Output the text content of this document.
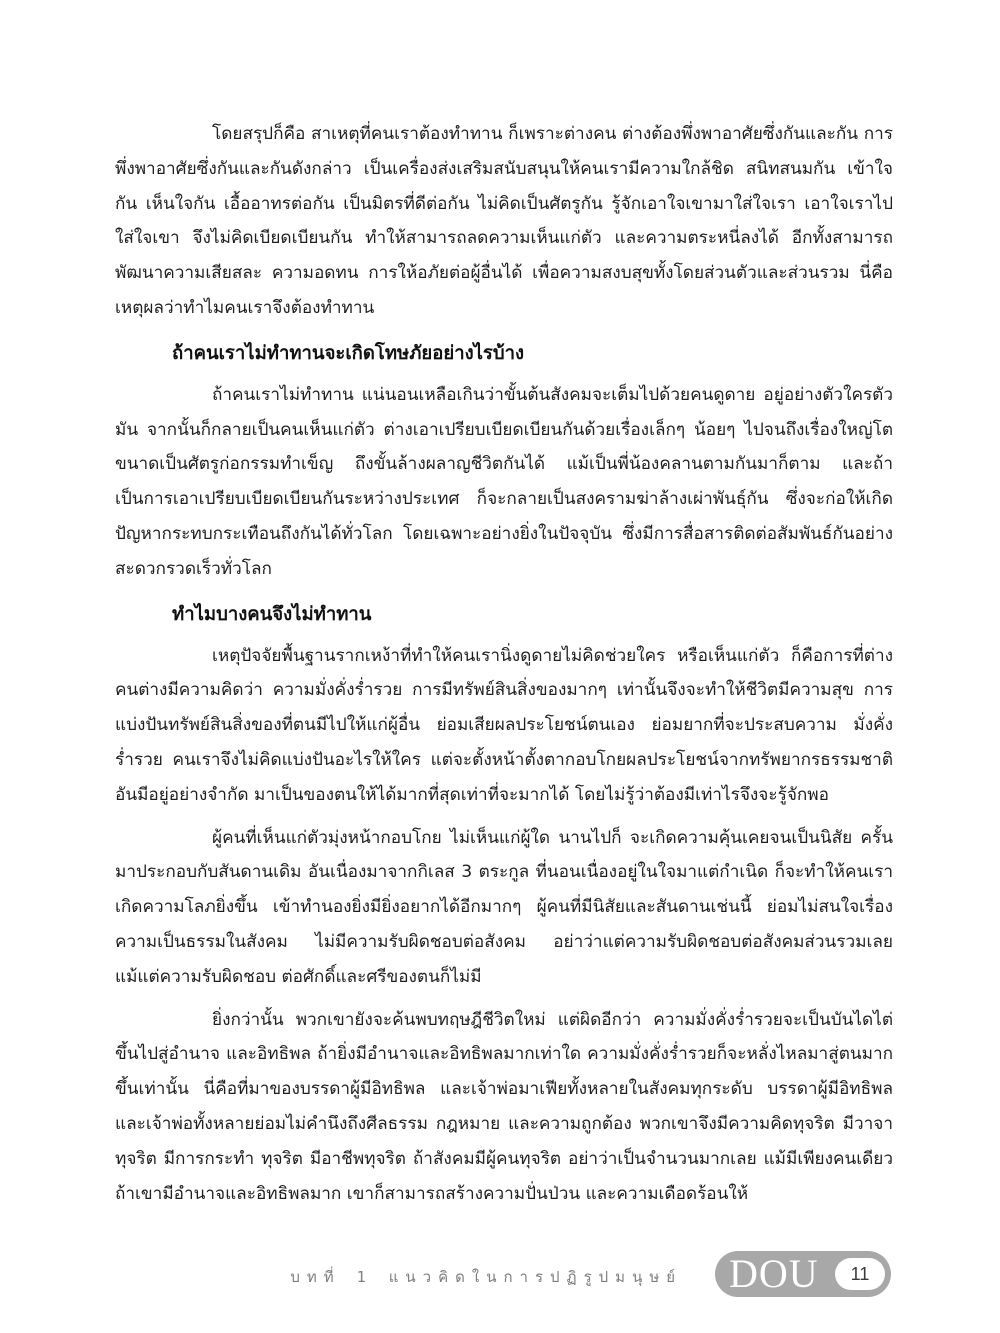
โดยสรุปก็คือ สาเหตุที่คนเราต้องทำทาน ก็เพราะต่างคน ต่างต้องพึ่งพาอาศัยซึ่งกันและกัน การพึ่งพาอาศัยซึ่งกันและกันดังกล่าว เป็นเครื่องส่งเสริมสนับสนุนให้คนเรามีความใกล้ชิด สนิทสนมกัน เข้าใจกัน เห็นใจกัน เอื้ออาทรต่อกัน เป็นมิตรที่ดีต่อกัน ไม่คิดเป็นศัตรูกัน รู้จักเอาใจเขามาใส่ใจเรา เอาใจเราไปใส่ใจเขา จึงไม่คิดเบียดเบียนกัน ทำให้สามารถลดความเห็นแก่ตัว และความตระหนี่ลงได้ อีกทั้งสามารถพัฒนาความเสียสละ ความอดทน การให้อภัยต่อผู้อื่นได้ เพื่อความสงบสุขทั้งโดยส่วนตัวและส่วนรวม นี่คือเหตุผลว่าทำไมคนเราจึงต้องทำทาน

ถ้าคนเราไม่ทำทานจะเกิดโทษภัยอย่างไรบ้าง

ถ้าคนเราไม่ทำทาน แน่นอนเหลือเกินว่าขั้นต้นสังคมจะเต็มไปด้วยคนดูดาย อยู่อย่างตัวใครตัวมัน จากนั้นก็กลายเป็นคนเห็นแก่ตัว ต่างเอาเปรียบเบียดเบียนกันด้วยเรื่องเล็กๆ น้อยๆ ไปจนถึงเรื่องใหญ่โต ขนาดเป็นศัตรูก่อกรรมทำเข็ญ ถึงขั้นล้างผลาญชีวิตกันได้ แม้เป็นพี่น้องคลานตามกันมาก็ตาม และถ้าเป็นการเอาเปรียบเบียดเบียนกันระหว่างประเทศ ก็จะกลายเป็นสงครามฆ่าล้างเผ่าพันธุ์กัน ซึ่งจะก่อให้เกิดปัญหากระทบกระเทือนถึงกันได้ทั่วโลก โดยเฉพาะอย่างยิ่งในปัจจุบัน ซึ่งมีการสื่อสารติดต่อสัมพันธ์กันอย่างสะดวกรวดเร็วทั่วโลก

ทำไมบางคนจึงไม่ทำทาน

เหตุปัจจัยพื้นฐานรากเหง้าที่ทำให้คนเรานิ่งดูดายไม่คิดช่วยใคร หรือเห็นแก่ตัว ก็คือการที่ต่างคนต่างมีความคิดว่า ความมั่งคั่งร่ำรวย การมีทรัพย์สินสิ่งของมากๆ เท่านั้นจึงจะทำให้ชีวิตมีความสุข การแบ่งปันทรัพย์สินสิ่งของที่ตนมีไปให้แก่ผู้อื่น ย่อมเสียผลประโยชน์ตนเอง ย่อมยากที่จะประสบความ มั่งคั่งร่ำรวย คนเราจึงไม่คิดแบ่งปันอะไรให้ใคร แต่จะตั้งหน้าตั้งตากอบโกยผลประโยชน์จากทรัพยากรธรรมชาติอันมีอยู่อย่างจำกัด มาเป็นของตนให้ได้มากที่สุดเท่าที่จะมากได้ โดยไม่รู้ว่าต้องมีเท่าไรจึงจะรู้จักพอ

ผู้คนที่เห็นแก่ตัวมุ่งหน้ากอบโกย ไม่เห็นแก่ผู้ใด นานไปก็ จะเกิดความคุ้นเคยจนเป็นนิสัย ครั้นมาประกอบกับสันดานเดิม อันเนื่องมาจากกิเลส 3 ตระกูล ที่นอนเนื่องอยู่ในใจมาแต่กำเนิด ก็จะทำให้คนเราเกิดความโลภยิ่งขึ้น เข้าทำนองยิ่งมียิ่งอยากได้อีกมากๆ ผู้คนที่มีนิสัยและสันดานเช่นนี้ ย่อมไม่สนใจเรื่องความเป็นธรรมในสังคม ไม่มีความรับผิดชอบต่อสังคม อย่าว่าแต่ความรับผิดชอบต่อสังคมส่วนรวมเลย แม้แต่ความรับผิดชอบ ต่อศักดิ์และศรีของตนก็ไม่มี

ยิ่งกว่านั้น พวกเขายังจะค้นพบทฤษฎีชีวิตใหม่ แต่ผิดอีกว่า ความมั่งคั่งร่ำรวยจะเป็นบันไดไต่ขึ้นไปสู่อำนาจ และอิทธิพล ถ้ายิ่งมีอำนาจและอิทธิพลมากเท่าใด ความมั่งคั่งร่ำรวยก็จะหลั่งไหลมาสู่ตนมากขึ้นเท่านั้น นี่คือที่มาของบรรดาผู้มีอิทธิพล และเจ้าพ่อมาเฟียทั้งหลายในสังคมทุกระดับ บรรดาผู้มีอิทธิพลและเจ้าพ่อทั้งหลายย่อมไม่คำนึงถึงศีลธรรม กฎหมาย และความถูกต้อง พวกเขาจึงมีความคิดทุจริต มีวาจาทุจริต มีการกระทำ ทุจริต มีอาชีพทุจริต ถ้าสังคมมีผู้คนทุจริต อย่าว่าเป็นจำนวนมากเลย แม้มีเพียงคนเดียว ถ้าเขามีอำนาจและอิทธิพลมาก เขาก็สามารถสร้างความปั่นป่วน และความเดือดร้อนให้

บทที่ 1 แนวคิดในการปฏิรูปมนุษย์ DOU	11
